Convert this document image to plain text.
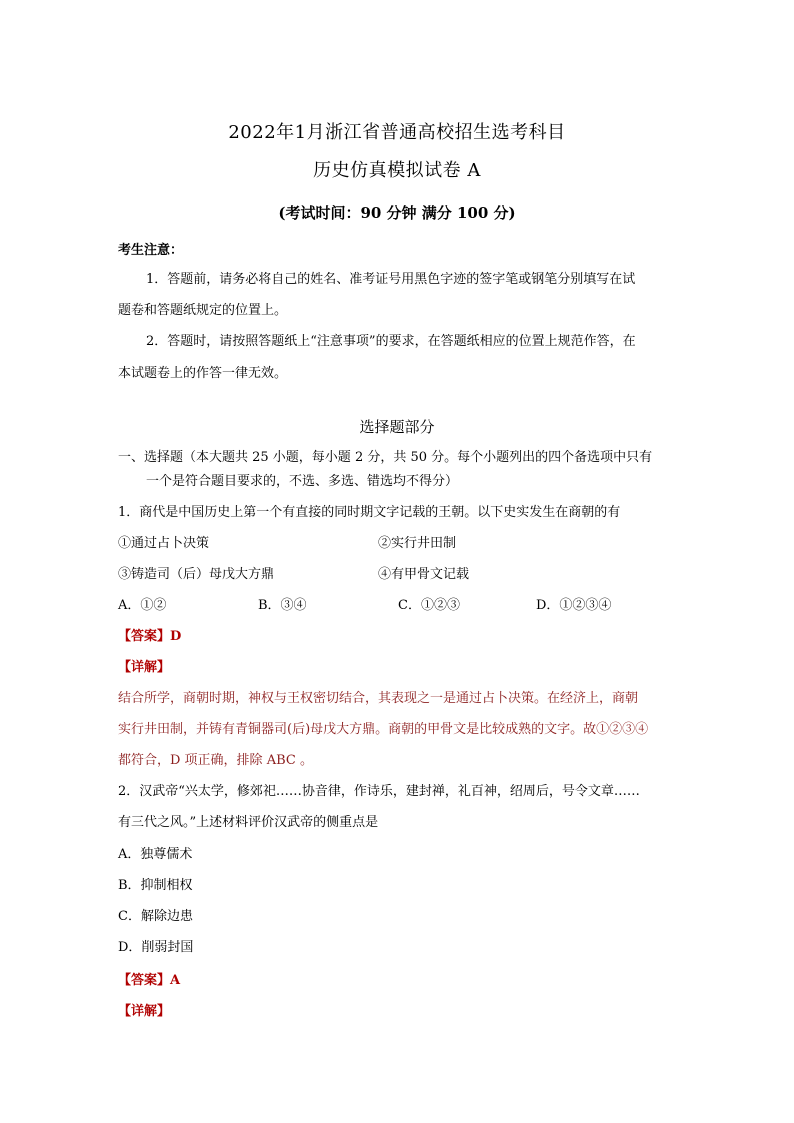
2022年1月浙江省普通高校招生选考科目
历史仿真模拟试卷 A
(考试时间：90 分钟 满分 100 分)
考生注意：
1．答题前，请务必将自己的姓名、准考证号用黑色字迹的签字笔或钢笔分别填写在试
题卷和答题纸规定的位置上。
2．答题时，请按照答题纸上“注意事项”的要求，在答题纸相应的位置上规范作答，在
本试题卷上的作答一律无效。
选择题部分
一、选择题（本大题共 25 小题，每小题 2 分，共 50 分。每个小题列出的四个备选项中只有
一个是符合题目要求的，不选、多选、错选均不得分）
1．商代是中国历史上第一个有直接的同时期文字记载的王朝。以下史实发生在商朝的有
①通过占卜决策	②实行井田制
③铸造司（后）母戊大方鼎	④有甲骨文记载
A．①②	B．③④	C．①②③	D．①②③④
【答案】D
【详解】
结合所学，商朝时期，神权与王权密切结合，其表现之一是通过占卜决策。在经济上，商朝
实行井田制，并铸有青铜器司(后)母戊大方鼎。商朝的甲骨文是比较成熟的文字。故①②③④
都符合，D 项正确，排除 ABC 。
2．汉武帝“兴太学，修郊祀……协音律，作诗乐，建封禅，礼百神，绍周后，号令文章……
有三代之风。”上述材料评价汉武帝的侧重点是
A．独尊儒术
B．抑制相权
C．解除边患
D．削弱封国
【答案】A
【详解】
